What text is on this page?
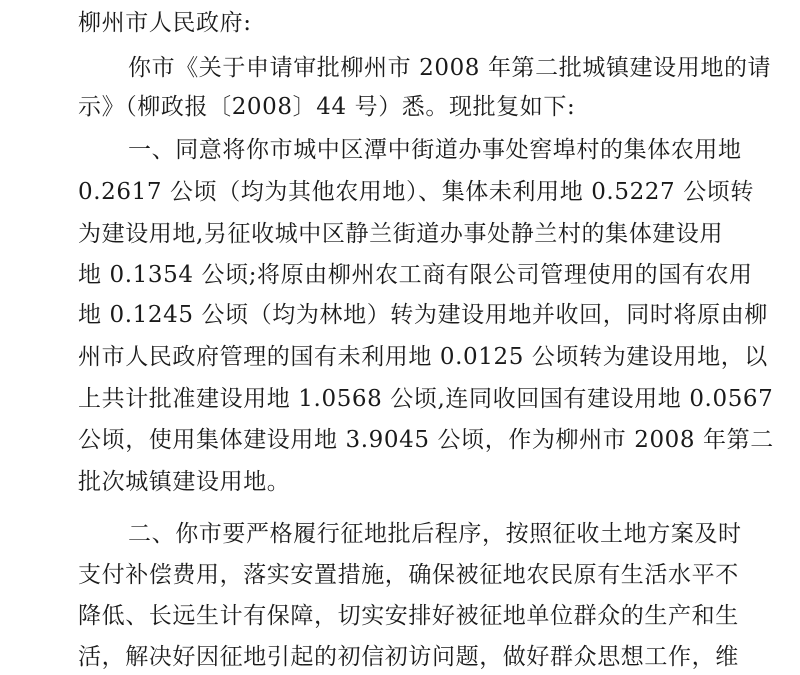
柳州市人民政府:
你市《关于申请审批柳州市 2008 年第二批城镇建设用地的请
示》（柳政报〔2008〕44 号）悉。现批复如下:
一、同意将你市城中区潭中街道办事处窖埠村的集体农用地
0.2617 公顷（均为其他农用地）、集体未利用地 0.5227 公顷转
为建设用地,另征收城中区静兰街道办事处静兰村的集体建设用
地 0.1354 公顷;将原由柳州农工商有限公司管理使用的国有农用
地 0.1245 公顷（均为林地）转为建设用地并收回，同时将原由柳
州市人民政府管理的国有未利用地 0.0125 公顷转为建设用地，以
上共计批准建设用地 1.0568 公顷,连同收回国有建设用地 0.0567
公顷，使用集体建设用地 3.9045 公顷，作为柳州市 2008 年第二
批次城镇建设用地。
二、你市要严格履行征地批后程序，按照征收土地方案及时
支付补偿费用，落实安置措施，确保被征地农民原有生活水平不
降低、长远生计有保障，切实安排好被征地单位群众的生产和生
活，解决好因征地引起的初信初访问题，做好群众思想工作，维
